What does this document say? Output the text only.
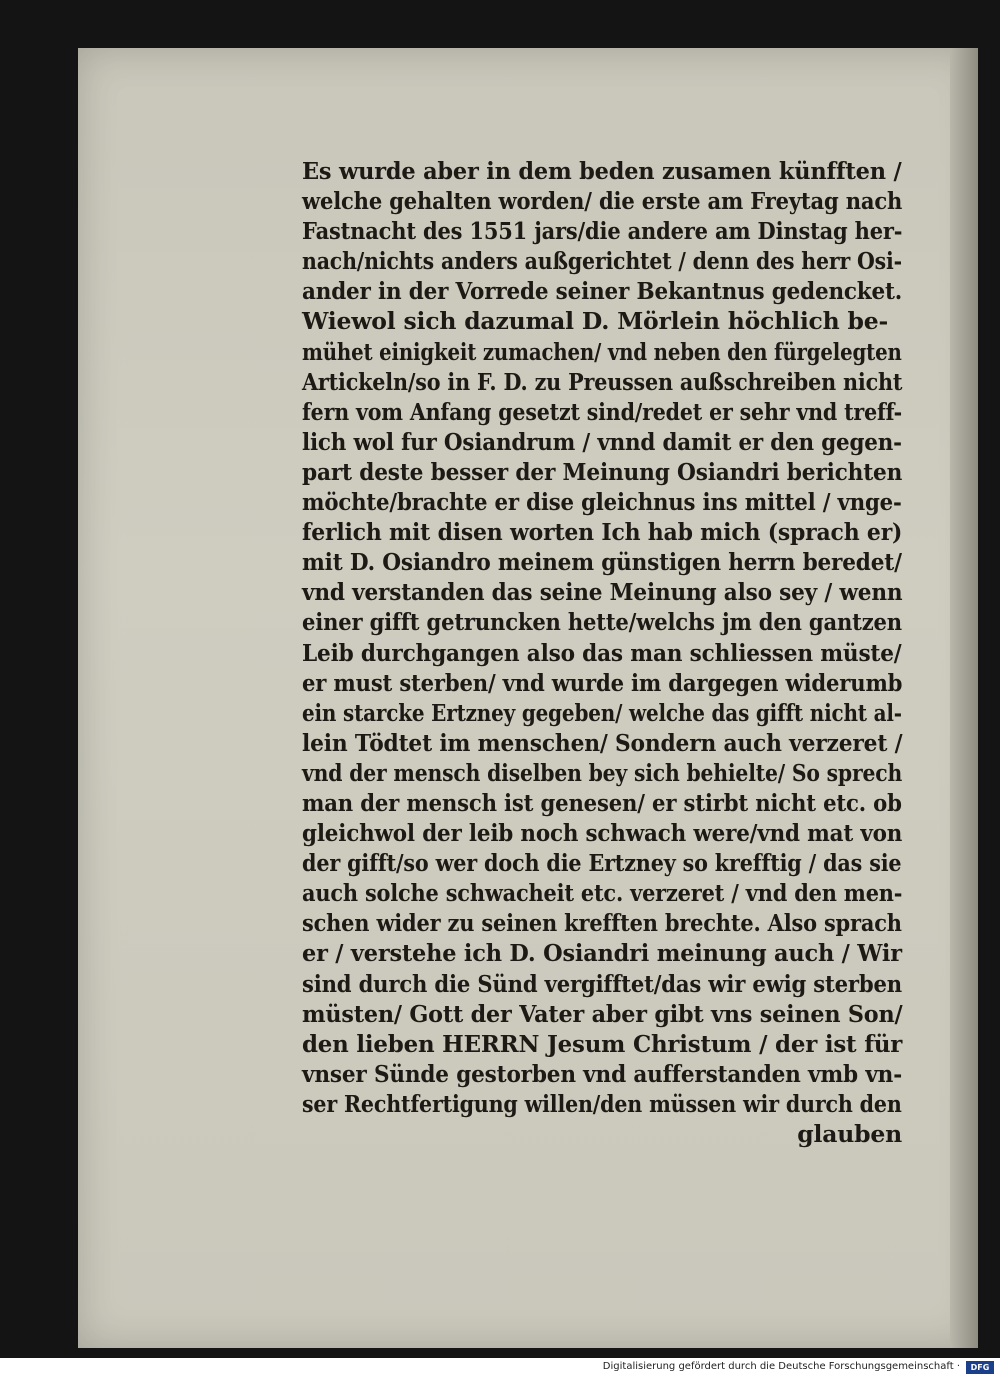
Es wurde aber in dem beden zusamen künfften /
welche gehalten worden/ die erste am Freytag nach
Fastnacht des 1551 jars/die andere am Dinstag her-
nach/nichts anders außgerichtet / denn des herr Osi-
ander in der Vorrede seiner Bekantnus gedencket.
Wiewol sich dazumal D. Mörlein höchlich be-
mühet einigkeit zumachen/ vnd neben den fürgelegten
Artickeln/so in F. D. zu Preussen außschreiben nicht
fern vom Anfang gesetzt sind/redet er sehr vnd treff-
lich wol fur Osiandrum / vnnd damit er den gegen-
part deste besser der Meinung Osiandri berichten
möchte/brachte er dise gleichnus ins mittel / vnge-
ferlich mit disen worten Ich hab mich (sprach er)
mit D. Osiandro meinem günstigen herrn beredet/
vnd verstanden das seine Meinung also sey / wenn
einer gifft getruncken hette/welchs jm den gantzen
Leib durchgangen also das man schliessen müste/
er must sterben/ vnd wurde im dargegen widerumb
ein starcke Ertzney gegeben/ welche das gifft nicht al-
lein Tödtet im menschen/ Sondern auch verzeret /
vnd der mensch diselben bey sich behielte/ So sprech
man der mensch ist genesen/ er stirbt nicht etc. ob
gleichwol der leib noch schwach were/vnd mat von
der gifft/so wer doch die Ertzney so krefftig / das sie
auch solche schwacheit etc. verzeret / vnd den men-
schen wider zu seinen krefften brechte. Also sprach
er / verstehe ich D. Osiandri meinung auch / Wir
sind durch die Sünd vergifftet/das wir ewig sterben
müsten/ Gott der Vater aber gibt vns seinen Son/
den lieben HERRN Jesum Christum / der ist für
vnser Sünde gestorben vnd aufferstanden vmb vn-
ser Rechtfertigung willen/den müssen wir durch den
glauben
Digitalisierung gefördert durch die Deutsche Forschungsgemeinschaft ·	DFG
